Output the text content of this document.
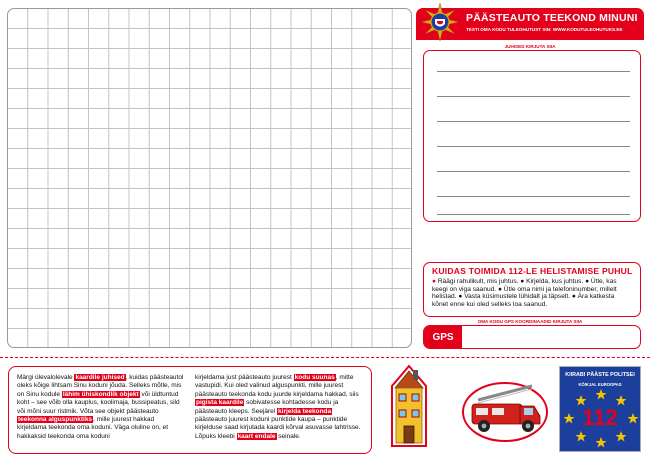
PÄÄSTEAUTO TEEKOND MINUNI
TESTI OMA KODU TULEOHUTUST SIN: WWW.KODUTULEOHUTUKS.EE
JUHISED KIRJUTA SIIA
KUIDAS TOIMIDA 112-LE HELISTAMISE PUHUL
● Räägi rahulikult, mis juhtus. ● Kirjelda, kus juhtus. ● Ütle, kas keegi on viga saanud. ● Ütle oma nimi ja telefoninumber, millelt helistad. ● Vasta küsimustele lühidalt ja täpselt. ● Ära katkesta kõnet enne kui oled selleks loa saanud.
OMA KODU GPS KOORDINAADID KIRJUTA SIIA
GPS
Märgi ülevalolevale kaardile juhised, kuidas päästeautol oleks kõige lihtsam Sinu koduni jõuda. Selleks mõtle, mis on Sinu kodule lähim ühiskondlik objekt või üldtuntud koht – see võib olla kauplus, koolimaja, bussipeatus, sild või mõni suur ristmik. Võta see objekt päästeauto teekonna alguspunktiks, mille juurest hakkad kirjeldama teekonda oma koduni. Väga oluline on, et hakkaksid teekonda oma koduni
kirjeldama just päästeauto juurest kodu suunas, mitte vastupidi. Kui oled valinud alguspunkti, mille juurest päästeauto teekonda kodu juurde kirjeldama hakkad, siis pigista kaardile sobivatesse kohtadesse kodu ja päästeauto kleeps. Seejärel kirjelda teekonda päästeauto juurest koduni punktide kaupa – punktide kirjelduse saad kirjutada kaardi kõrval asuvasse lahtrisse. Lõpuks kleebi kaart endale seinale.
KIIRABI PÄÄSTE POLITSEI
KÕIKJAL EUROOPAS
112
